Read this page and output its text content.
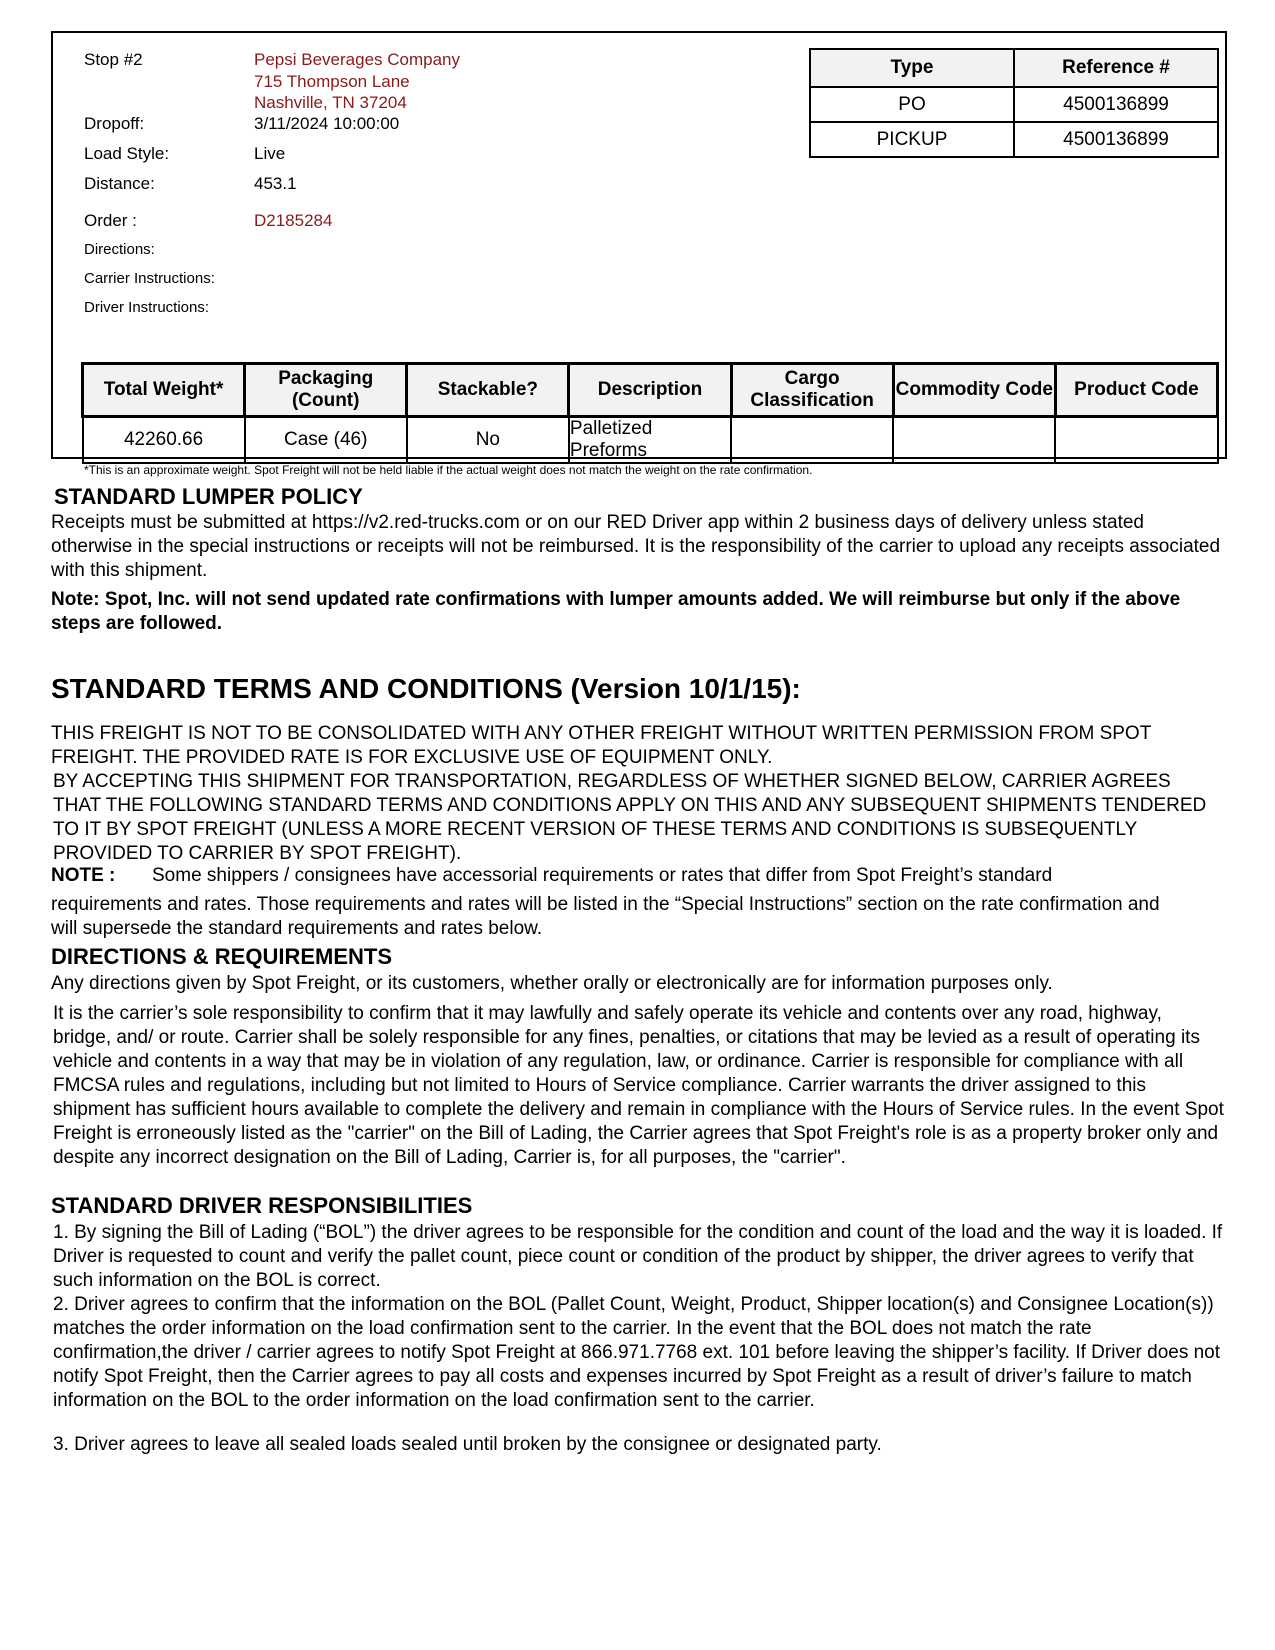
Stop #2	Pepsi Beverages Company
715 Thompson Lane
Nashville, TN 37204
Dropoff:	3/11/2024 10:00:00
Load Style:	Live
Distance:	453.1
Order :	D2185284
Directions:
Carrier Instructions:
Driver Instructions:
Type	Reference #
PO	4500136899
PICKUP	4500136899
Total Weight*	Packaging (Count)	Stackable?	Description	Cargo Classification	Commodity Code	Product Code
42260.66	Case (46)	No	Palletized Preforms			
*This is an approximate weight. Spot Freight will not be held liable if the actual weight does not match the weight on the rate confirmation.
STANDARD LUMPER POLICY

Receipts must be submitted at https://v2.red-trucks.com or on our RED Driver app within 2 business days of delivery unless stated otherwise in the special instructions or receipts will not be reimbursed. It is the responsibility of the carrier to upload any receipts associated with this shipment.

Note: Spot, Inc. will not send updated rate confirmations with lumper amounts added. We will reimburse but only if the above steps are followed.

STANDARD TERMS AND CONDITIONS (Version 10/1/15):

THIS FREIGHT IS NOT TO BE CONSOLIDATED WITH ANY OTHER FREIGHT WITHOUT WRITTEN PERMISSION FROM SPOT FREIGHT. THE PROVIDED RATE IS FOR EXCLUSIVE USE OF EQUIPMENT ONLY.

BY ACCEPTING THIS SHIPMENT FOR TRANSPORTATION, REGARDLESS OF WHETHER SIGNED BELOW, CARRIER AGREES THAT THE FOLLOWING STANDARD TERMS AND CONDITIONS APPLY ON THIS AND ANY SUBSEQUENT SHIPMENTS TENDERED TO IT BY SPOT FREIGHT (UNLESS A MORE RECENT VERSION OF THESE TERMS AND CONDITIONS IS SUBSEQUENTLY PROVIDED TO CARRIER BY SPOT FREIGHT).

NOTE : Some shippers / consignees have accessorial requirements or rates that differ from Spot Freight’s standard

requirements and rates. Those requirements and rates will be listed in the “Special Instructions” section on the rate confirmation and will supersede the standard requirements and rates below.

DIRECTIONS & REQUIREMENTS

Any directions given by Spot Freight, or its customers, whether orally or electronically are for information purposes only.

It is the carrier’s sole responsibility to confirm that it may lawfully and safely operate its vehicle and contents over any road, highway, bridge, and/ or route. Carrier shall be solely responsible for any fines, penalties, or citations that may be levied as a result of operating its vehicle and contents in a way that may be in violation of any regulation, law, or ordinance. Carrier is responsible for compliance with all FMCSA rules and regulations, including but not limited to Hours of Service compliance. Carrier warrants the driver assigned to this shipment has sufficient hours available to complete the delivery and remain in compliance with the Hours of Service rules. In the event Spot Freight is erroneously listed as the "carrier" on the Bill of Lading, the Carrier agrees that Spot Freight's role is as a property broker only and despite any incorrect designation on the Bill of Lading, Carrier is, for all purposes, the "carrier".

STANDARD DRIVER RESPONSIBILITIES

1. By signing the Bill of Lading (“BOL”) the driver agrees to be responsible for the condition and count of the load and the way it is loaded. If Driver is requested to count and verify the pallet count, piece count or condition of the product by shipper, the driver agrees to verify that such information on the BOL is correct.

2. Driver agrees to confirm that the information on the BOL (Pallet Count, Weight, Product, Shipper location(s) and Consignee Location(s)) matches the order information on the load confirmation sent to the carrier. In the event that the BOL does not match the rate confirmation,the driver / carrier agrees to notify Spot Freight at 866.971.7768 ext. 101 before leaving the shipper’s facility. If Driver does not notify Spot Freight, then the Carrier agrees to pay all costs and expenses incurred by Spot Freight as a result of driver’s failure to match information on the BOL to the order information on the load confirmation sent to the carrier.

3. Driver agrees to leave all sealed loads sealed until broken by the consignee or designated party.
